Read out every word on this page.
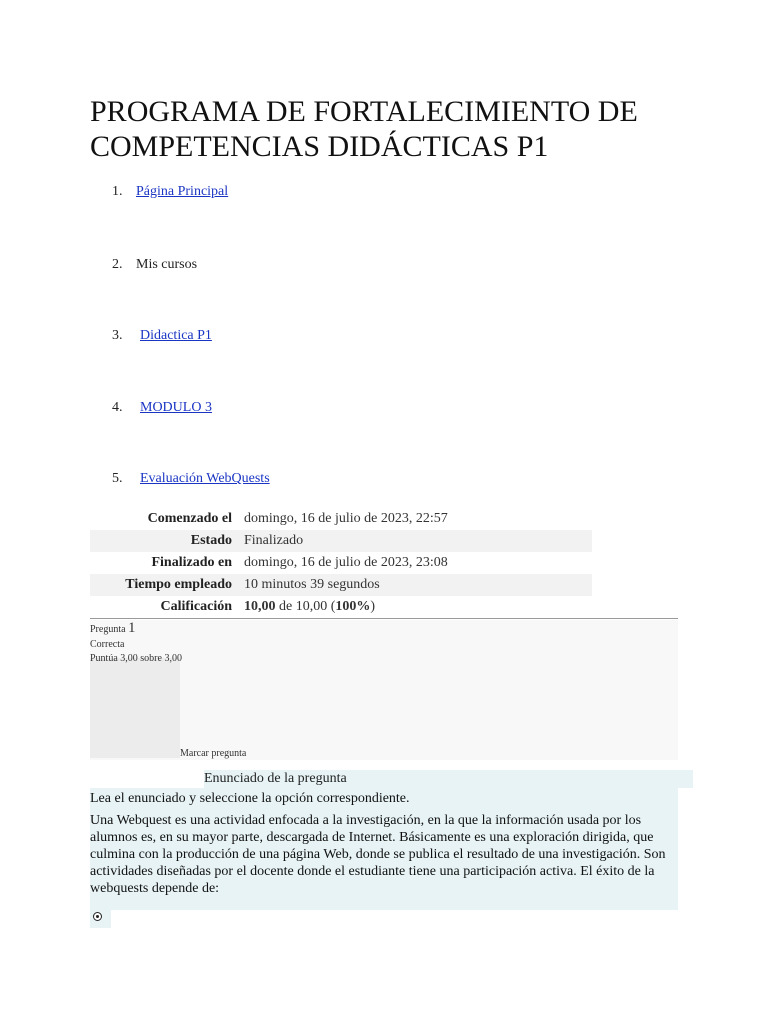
PROGRAMA DE FORTALECIMIENTO DE COMPETENCIAS DIDÁCTICAS P1
1. Página Principal
2. Mis cursos
3. Didactica P1
4. MODULO 3
5. Evaluación WebQuests
Comenzado el	domingo, 16 de julio de 2023, 22:57
Estado	Finalizado
Finalizado en	domingo, 16 de julio de 2023, 23:08
Tiempo empleado	10 minutos 39 segundos
Calificación	10,00 de 10,00 (100%)
Pregunta 1
Correcta
Puntúa 3,00 sobre 3,00
Marcar pregunta
Enunciado de la pregunta
Lea el enunciado y seleccione la opción correspondiente.

Una Webquest es una actividad enfocada a la investigación, en la que la información usada por los alumnos es, en su mayor parte, descargada de Internet. Básicamente es una exploración dirigida, que culmina con la producción de una página Web, donde se publica el resultado de una investigación. Son actividades diseñadas por el docente donde el estudiante tiene una participación activa. El éxito de la webquests depende de:
